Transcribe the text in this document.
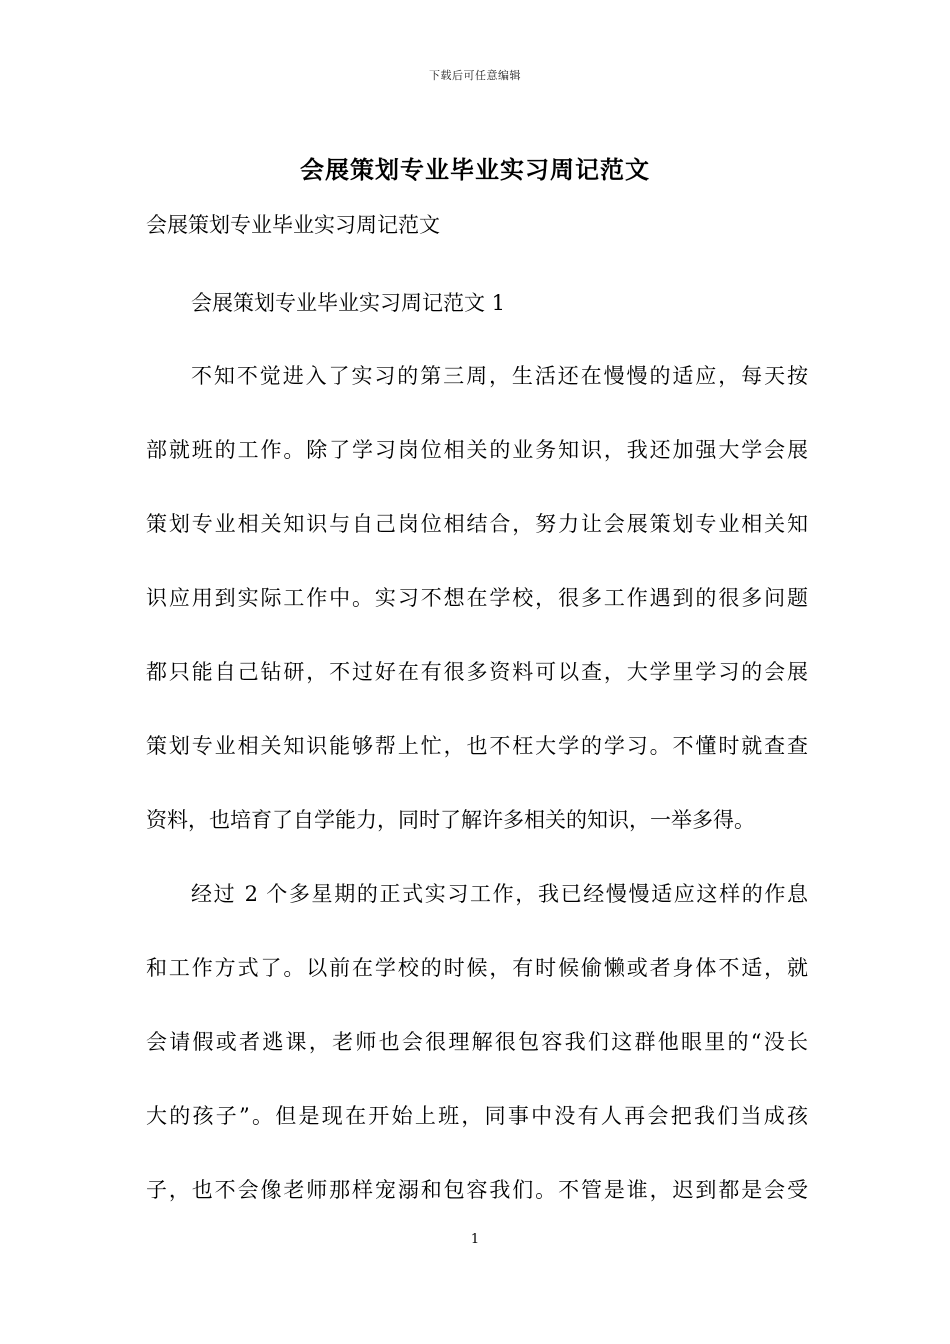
下载后可任意编辑
会展策划专业毕业实习周记范文

会展策划专业毕业实习周记范文

会展策划专业毕业实习周记范文 1

不知不觉进入了实习的第三周，生活还在慢慢的适应，每天按
部就班的工作。除了学习岗位相关的业务知识，我还加强大学会展
策划专业相关知识与自己岗位相结合，努力让会展策划专业相关知
识应用到实际工作中。实习不想在学校，很多工作遇到的很多问题
都只能自己钻研，不过好在有很多资料可以查，大学里学习的会展
策划专业相关知识能够帮上忙，也不枉大学的学习。不懂时就查查
资料，也培育了自学能力，同时了解许多相关的知识，一举多得。
经过 2 个多星期的正式实习工作，我已经慢慢适应这样的作息
和工作方式了。以前在学校的时候，有时候偷懒或者身体不适，就
会请假或者逃课，老师也会很理解很包容我们这群他眼里的“没长
大的孩子”。但是现在开始上班，同事中没有人再会把我们当成孩
子，也不会像老师那样宠溺和包容我们。不管是谁，迟到都是会受
1
